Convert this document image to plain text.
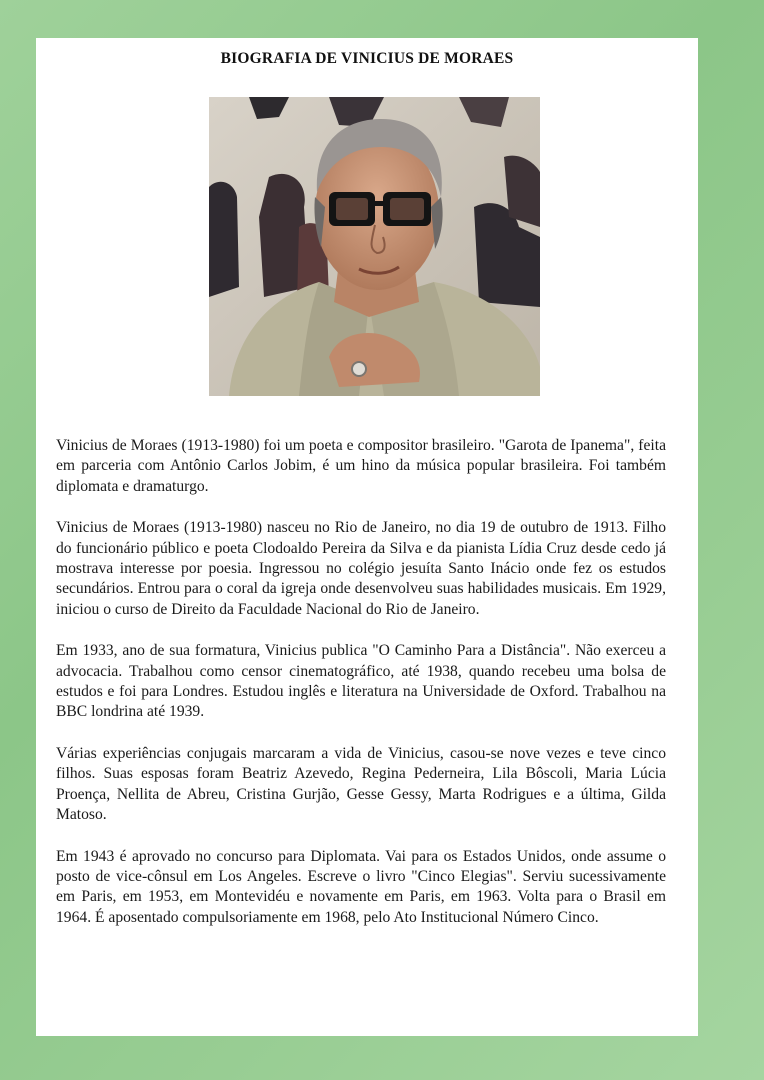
BIOGRAFIA DE VINICIUS DE MORAES

Vinicius de Moraes (1913-1980) foi um poeta e compositor brasileiro. "Garota de Ipanema", feita em parceria com Antônio Carlos Jobim, é um hino da música popular brasileira. Foi também diplomata e dramaturgo.

Vinicius de Moraes (1913-1980) nasceu no Rio de Janeiro, no dia 19 de outubro de 1913. Filho do funcionário público e poeta Clodoaldo Pereira da Silva e da pianista Lídia Cruz desde cedo já mostrava interesse por poesia. Ingressou no colégio jesuíta Santo Inácio onde fez os estudos secundários. Entrou para o coral da igreja onde desenvolveu suas habilidades musicais. Em 1929, iniciou o curso de Direito da Faculdade Nacional do Rio de Janeiro.

Em 1933, ano de sua formatura, Vinicius publica "O Caminho Para a Distância". Não exerceu a advocacia. Trabalhou como censor cinematográfico, até 1938, quando recebeu uma bolsa de estudos e foi para Londres. Estudou inglês e literatura na Universidade de Oxford. Trabalhou na BBC londrina até 1939.

Várias experiências conjugais marcaram a vida de Vinicius, casou-se nove vezes e teve cinco filhos. Suas esposas foram Beatriz Azevedo, Regina Pederneira, Lila Bôscoli, Maria Lúcia Proença, Nellita de Abreu, Cristina Gurjão, Gesse Gessy, Marta Rodrigues e a última, Gilda Matoso.

Em 1943 é aprovado no concurso para Diplomata. Vai para os Estados Unidos, onde assume o posto de vice-cônsul em Los Angeles. Escreve o livro "Cinco Elegias". Serviu sucessivamente em Paris, em 1953, em Montevidéu e novamente em Paris, em 1963. Volta para o Brasil em 1964. É aposentado compulsoriamente em 1968, pelo Ato Institucional Número Cinco.
